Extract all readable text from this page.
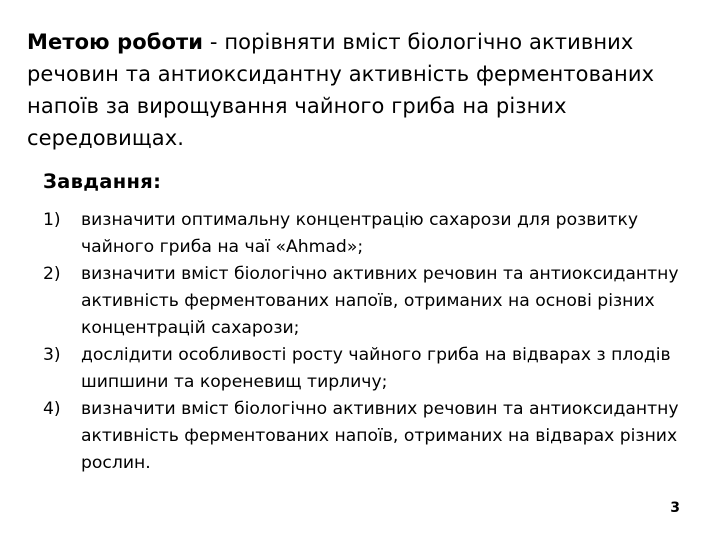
Метою роботи - порівняти вміст біологічно активних речовин та антиоксидантну активність ферментованих напоїв за вирощування чайного гриба на різних середовищах.

Завдання:
1) визначити оптимальну концентрацію сахарози для розвитку чайного гриба на чаї «Ahmad»;
2) визначити вміст біологічно активних речовин та антиоксидантну активність ферментованих напоїв, отриманих на основі різних концентрацій сахарози;
3) дослідити особливості росту чайного гриба на відварах з плодів шипшини та кореневищ тирличу;
4) визначити вміст біологічно активних речовин та антиоксидантну активність ферментованих напоїв, отриманих на відварах різних рослин.
3
